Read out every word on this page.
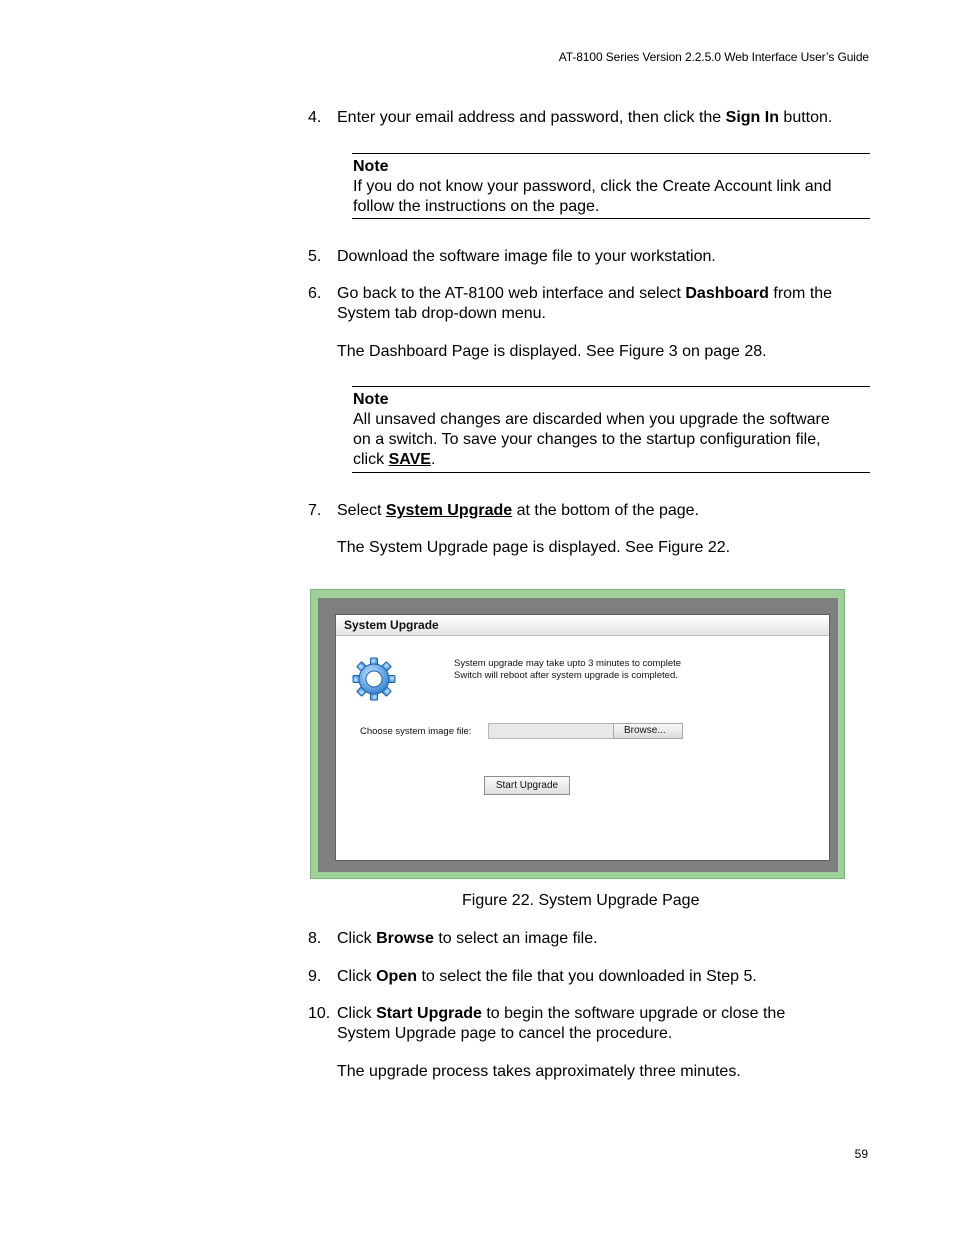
AT-8100 Series Version 2.2.5.0 Web Interface User’s Guide
4. Enter your email address and password, then click the Sign In button.
Note
If you do not know your password, click the Create Account link and
follow the instructions on the page.
5. Download the software image file to your workstation.
6. Go back to the AT-8100 web interface and select Dashboard from the
System tab drop-down menu.
The Dashboard Page is displayed. See Figure 3 on page 28.
Note
All unsaved changes are discarded when you upgrade the software
on a switch. To save your changes to the startup configuration file,
click SAVE.
7. Select System Upgrade at the bottom of the page.
The System Upgrade page is displayed. See Figure 22.
System Upgrade
System upgrade may take upto 3 minutes to complete
Switch will reboot after system upgrade is completed.
Choose system image file:	Browse...
Start Upgrade
Figure 22. System Upgrade Page
8. Click Browse to select an image file.
9. Click Open to select the file that you downloaded in Step 5.
10. Click Start Upgrade to begin the software upgrade or close the
System Upgrade page to cancel the procedure.
The upgrade process takes approximately three minutes.
59
